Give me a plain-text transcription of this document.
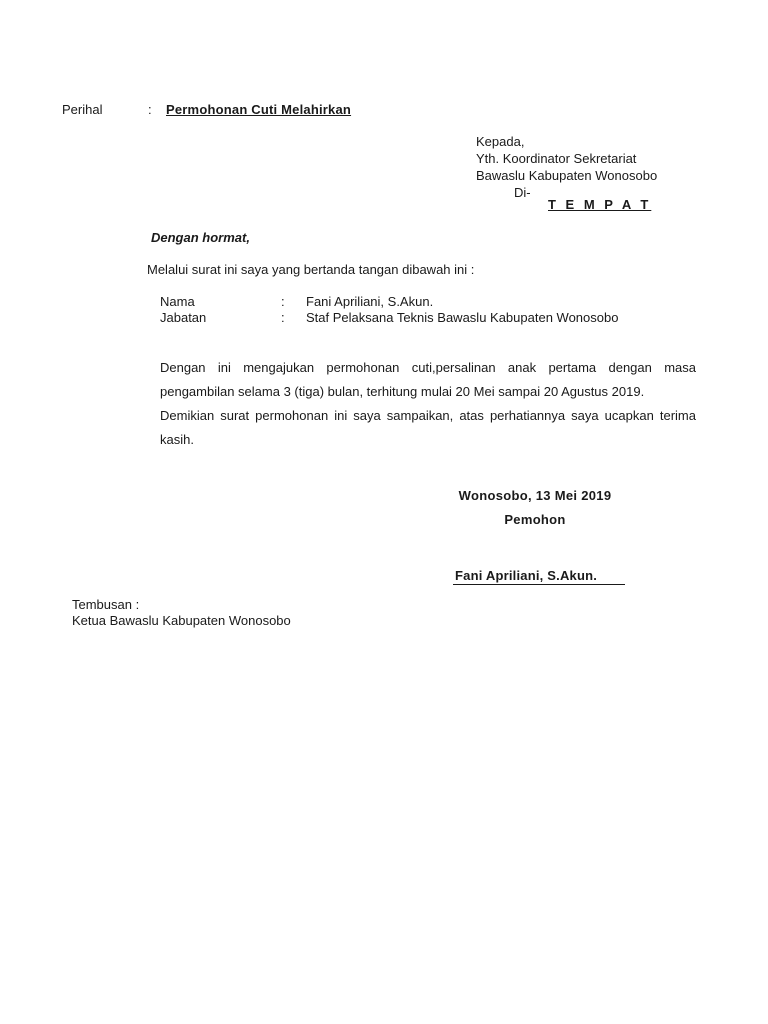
Perihal	: Permohonan Cuti Melahirkan
Kepada,
Yth. Koordinator Sekretariat
Bawaslu Kabupaten Wonosobo
Di-
T E M P A T
Dengan hormat,
Melalui surat ini saya yang bertanda tangan dibawah ini :
Nama	: Fani Apriliani, S.Akun.
Jabatan	: Staf Pelaksana Teknis Bawaslu Kabupaten Wonosobo

Dengan ini mengajukan permohonan cuti,persalinan anak pertama dengan masa pengambilan selama 3 (tiga) bulan, terhitung mulai 20 Mei sampai 20 Agustus 2019.

Demikian surat permohonan ini saya sampaikan, atas perhatiannya saya ucapkan terima kasih.

Wonosobo, 13 Mei 2019
Pemohon
Fani Apriliani, S.Akun.
Tembusan :
Ketua Bawaslu Kabupaten Wonosobo
